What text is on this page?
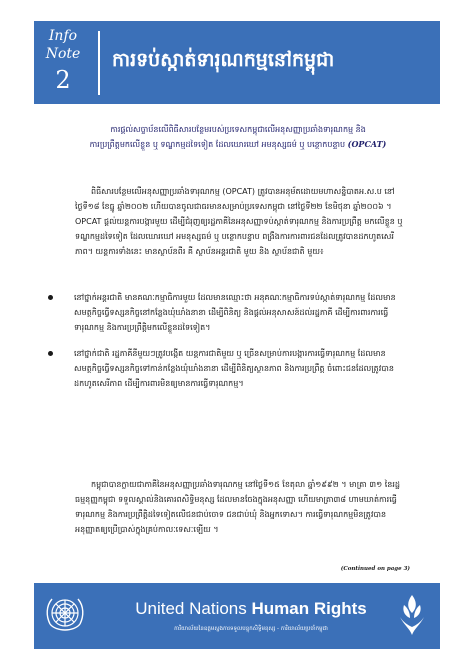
Info
Note
2
ការទប់ស្កាត់ទារុណកម្មនៅកម្ពុជា
ការផ្តល់សច្ចាប័នលើពិធីសារបន្ថែមរបស់ប្រទេសកម្ពុជាលើអនុសញ្ញាប្រឆាំងទារុណកម្ម និង
ការប្រព្រឹត្តមកលើខ្លួន ឬ ទណ្ឌកម្មដទៃទៀត ដែលឃោរឃៅ អមនុស្សធម៌ ឬ បន្ថោកបន្ទាប (OPCAT)

ពិធីសារបន្ថែមលើអនុសញ្ញាប្រឆាំងទារុណកម្ម (OPCAT) ត្រូវបានអនុម័តដោយមហាសន្និបាតអ.ស.ប នៅថ្ងៃទី១៨ ខែធ្នូ ឆ្នាំ២០០២ ហើយបានចូលជាធរមានសម្រាប់ប្រទេសកម្ពុជា នៅថ្ងៃទី២២ ខែមិថុនា ឆ្នាំ២០០៦ ។ OPCAT ផ្តល់យន្តការបង្ការមួយ ដើម្បីជំរុញឲ្យរដ្ឋភាគីនៃអនុសញ្ញាទប់ស្កាត់ទារុណកម្ម និងការប្រព្រឹត្ត មកលើខ្លួន ឬទណ្ឌកម្មដទៃទៀត ដែលឃោរឃៅ អមនុស្សធម៌ ឬ បន្ថោកបន្ទាប ពង្រឹងការការពារជនដែលត្រូវបានដកហូតសេរីភាព។ យន្តការទាំងនេះ មានស្ថាប័នពីរ គឺ ស្ថាប័នអន្តរជាតិ មួយ និង ស្ថាប័នជាតិ មួយ៖

នៅថ្នាក់អន្តរជាតិ មានគណៈកម្មាធិការមួយ ដែលមានឈ្មោះថា អនុគណៈកម្មាធិការទប់ស្កាត់ទារុណកម្ម ដែលមានសមត្ថកិច្ចធ្វើទស្សនកិច្ចនៅកន្លែងឃុំឃាំងនានា ដើម្បីពិនិត្យ និងផ្តល់អនុសាសន៍ដល់រដ្ឋភាគី ដើម្បីការពារការធ្វើទារុណកម្ម និងការប្រព្រឹត្តិមកលើខ្លួនដទៃទៀត។
នៅថ្នាក់ជាតិ រដ្ឋភាគីនីមួយៗត្រូវបង្កើត យន្តការជាតិមួយ ឬ ច្រើនសម្រាប់ការបង្ការការធ្វើទារុណកម្ម ដែលមានសមត្ថកិច្ចធ្វើទស្សនកិច្ចទៅកាន់កន្លែងឃុំឃាំងនានា ដើម្បីពិនិត្យស្ថានភាព និងការប្រព្រឹត្ត ចំពោះជនដែលត្រូវបានដកហូតសេរីភាព ដើម្បីការពារមិនឲ្យមានការធ្វើទារុណកម្ម។

កម្ពុជាបានក្លាយជាភាគីនៃអនុសញ្ញាប្រឆាំងទារុណកម្ម នៅថ្ងៃទី១៥ ខែតុលា ឆ្នាំ១៩៩២ ។ មាត្រា ៣១ នៃរដ្ឋធម្មនុញ្ញកម្ពុជា ទទួលស្គាល់និងគោរពសិទ្ធិមនុស្ស ដែលមានចែងក្នុងអនុសញ្ញា ហើយមាត្រា៣៨ ហាមឃាត់ការធ្វើទារុណកម្ម និងការប្រព្រឹត្តិដទៃទៀតលើជនជាប់ចោទ ជនជាប់ឃុំ និងអ្នកទោស។ ការធ្វើទារុណកម្មមិនត្រូវបានអនុញ្ញាតឲ្យប្រើប្រាស់ក្នុងគ្រប់កាលៈទេសៈឡើយ ។

(Continued on page 3)
United Nations Human Rights
ការិយាល័យនៃឧត្តមស្នងការទទួលបន្ទុកសិទ្ធិមនុស្ស - ការិយាល័យប្រចាំកម្ពុជា
